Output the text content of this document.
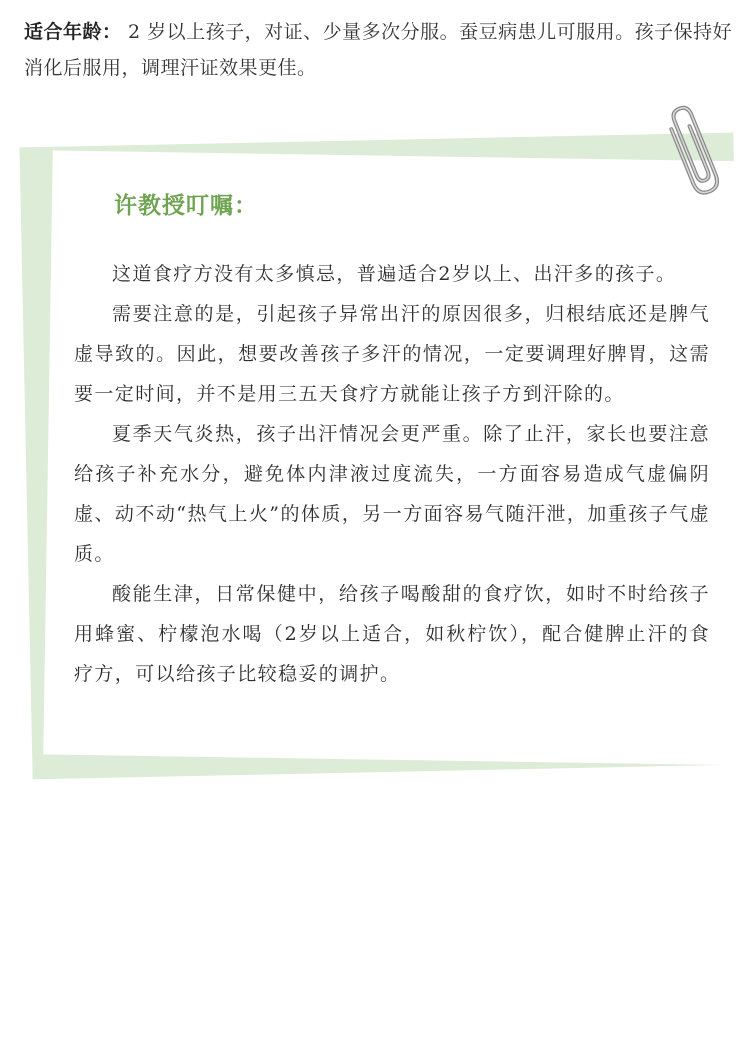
适合年龄： 2 岁以上孩子，对证、少量多次分服。蚕豆病患儿可服用。孩子保持好消化后服用，调理汗证效果更佳。
许教授叮嘱：

这道食疗方没有太多慎忌，普遍适合2岁以上、出汗多的孩子。

需要注意的是，引起孩子异常出汗的原因很多，归根结底还是脾气虚导致的。因此，想要改善孩子多汗的情况，一定要调理好脾胃，这需要一定时间，并不是用三五天食疗方就能让孩子方到汗除的。

夏季天气炎热，孩子出汗情况会更严重。除了止汗，家长也要注意给孩子补充水分，避免体内津液过度流失，一方面容易造成气虚偏阴虚、动不动“热气上火”的体质，另一方面容易气随汗泄，加重孩子气虚质。

酸能生津，日常保健中，给孩子喝酸甜的食疗饮，如时不时给孩子用蜂蜜、柠檬泡水喝（2岁以上适合，如秋柠饮），配合健脾止汗的食疗方，可以给孩子比较稳妥的调护。
